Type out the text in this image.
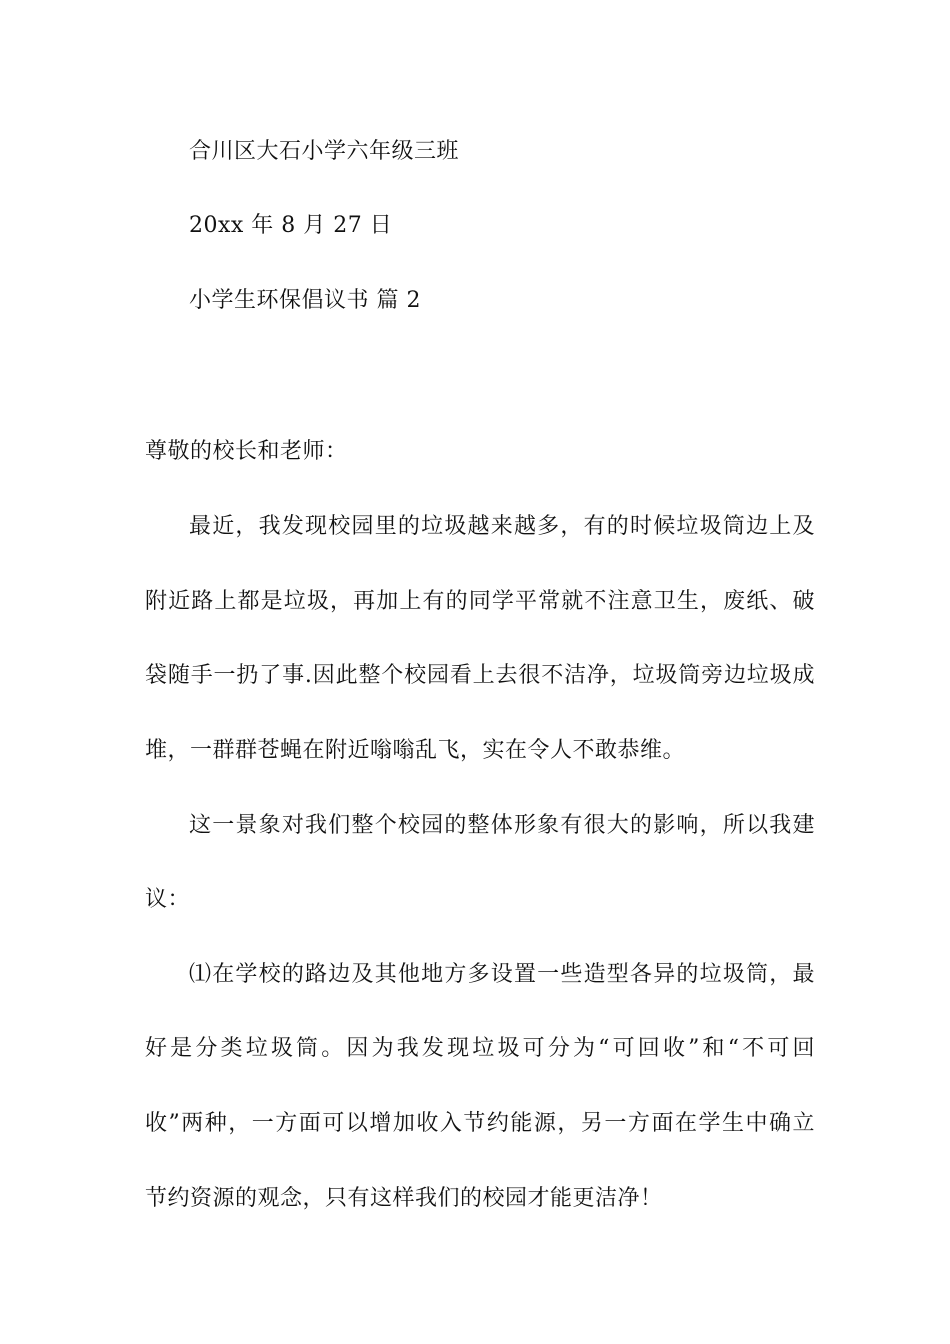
合川区大石小学六年级三班
20xx 年 8 月 27 日
小学生环保倡议书 篇 2
尊敬的校长和老师：
最近，我发现校园里的垃圾越来越多，有的时候垃圾筒边上及
附近路上都是垃圾，再加上有的同学平常就不注意卫生，废纸、破
袋随手一扔了事.因此整个校园看上去很不洁净，垃圾筒旁边垃圾成
堆，一群群苍蝇在附近嗡嗡乱飞，实在令人不敢恭维。
这一景象对我们整个校园的整体形象有很大的影响，所以我建
议：
⑴在学校的路边及其他地方多设置一些造型各异的垃圾筒，最
好是分类垃圾筒。因为我发现垃圾可分为“可回收”和“不可回
收”两种，一方面可以增加收入节约能源，另一方面在学生中确立
节约资源的观念，只有这样我们的校园才能更洁净！
